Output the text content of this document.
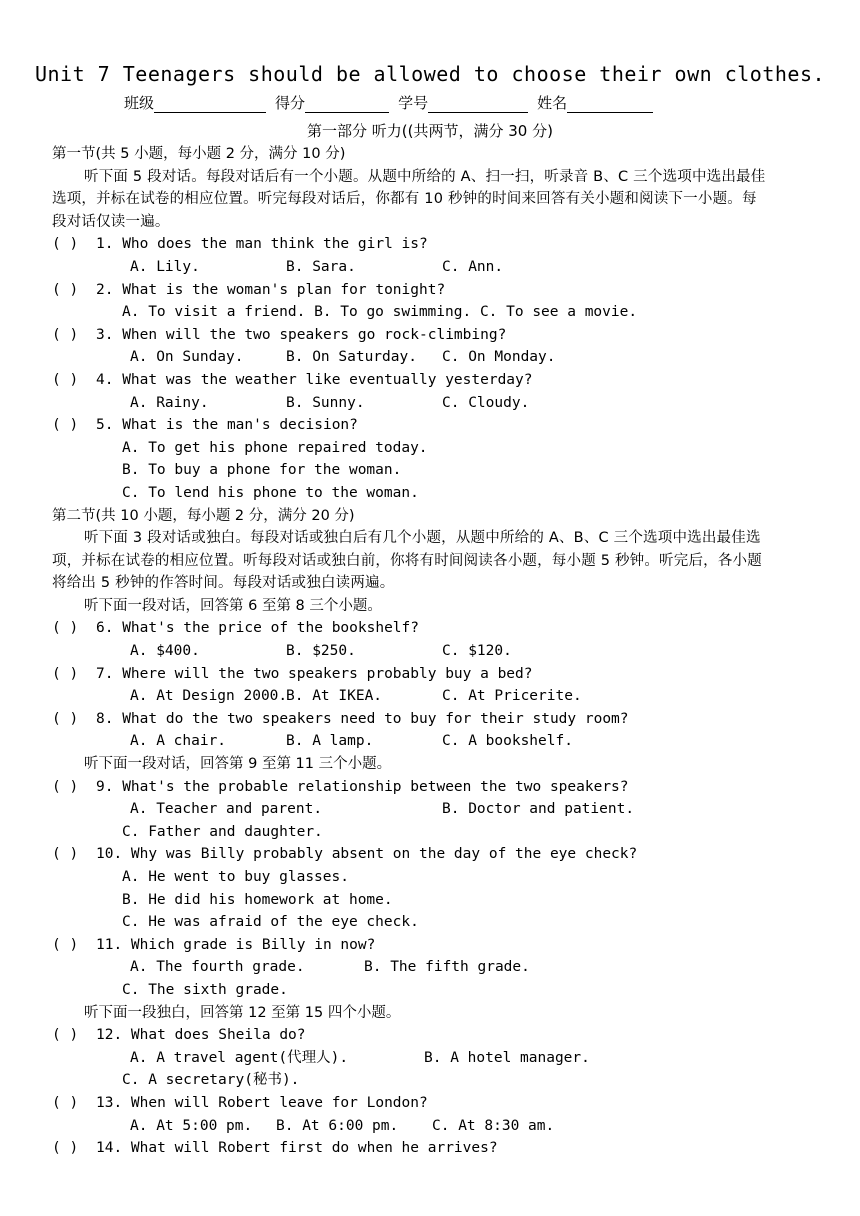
Unit 7 Teenagers should be allowed to choose their own clothes.
班级	得分	学号	姓名
第一部分 听力((共两节，满分 30 分)
第一节(共 5 小题，每小题 2 分，满分 10 分)
听下面 5 段对话。每段对话后有一个小题。从题中所给的 A、扫一扫，听录音 B、C 三个选项中选出最佳选项，并标在试卷的相应位置。听完每段对话后，你都有 10 秒钟的时间来回答有关小题和阅读下一小题。每段对话仅读一遍。
( ) 1. Who does the man think the girl is?
A. Lily.	B. Sara.	C. Ann.
( ) 2. What is the woman's plan for tonight?
A. To visit a friend. B. To go swimming. C. To see a movie.
( ) 3. When will the two speakers go rock-climbing?
A. On Sunday.	B. On Saturday. C. On Monday.
( ) 4. What was the weather like eventually yesterday?
A. Rainy.	B. Sunny.	C. Cloudy.
( ) 5. What is the man's decision?
A. To get his phone repaired today.
B. To buy a phone for the woman.
C. To lend his phone to the woman.
第二节(共 10 小题，每小题 2 分，满分 20 分)
听下面 3 段对话或独白。每段对话或独白后有几个小题，从题中所给的 A、B、C 三个选项中选出最佳选项，并标在试卷的相应位置。听每段对话或独白前，你将有时间阅读各小题，每小题 5 秒钟。听完后，各小题将给出 5 秒钟的作答时间。每段对话或独白读两遍。
听下面一段对话，回答第 6 至第 8 三个小题。
( ) 6. What's the price of the bookshelf?
A. $400.	B. $250.	C. $120.
( ) 7. Where will the two speakers probably buy a bed?
A. At Design 2000.B. At IKEA.	C. At Pricerite.
( ) 8. What do the two speakers need to buy for their study room?
A. A chair.	B. A lamp.	C. A bookshelf.
听下面一段对话，回答第 9 至第 11 三个小题。
( ) 9. What's the probable relationship between the two speakers?
A. Teacher and parent.	B. Doctor and patient.
C. Father and daughter.
( ) 10. Why was Billy probably absent on the day of the eye check?
A. He went to buy glasses.
B. He did his homework at home.
C. He was afraid of the eye check.
( ) 11. Which grade is Billy in now?
A. The fourth grade.	B. The fifth grade.
C. The sixth grade.
听下面一段独白，回答第 12 至第 15 四个小题。
( ) 12. What does Sheila do?
A. A travel agent(代理人).	B. A hotel manager.
C. A secretary(秘书).
( ) 13. When will Robert leave for London?
A. At 5:00 pm. B. At 6:00 pm. C. At 8:30 am.
( ) 14. What will Robert first do when he arrives?
